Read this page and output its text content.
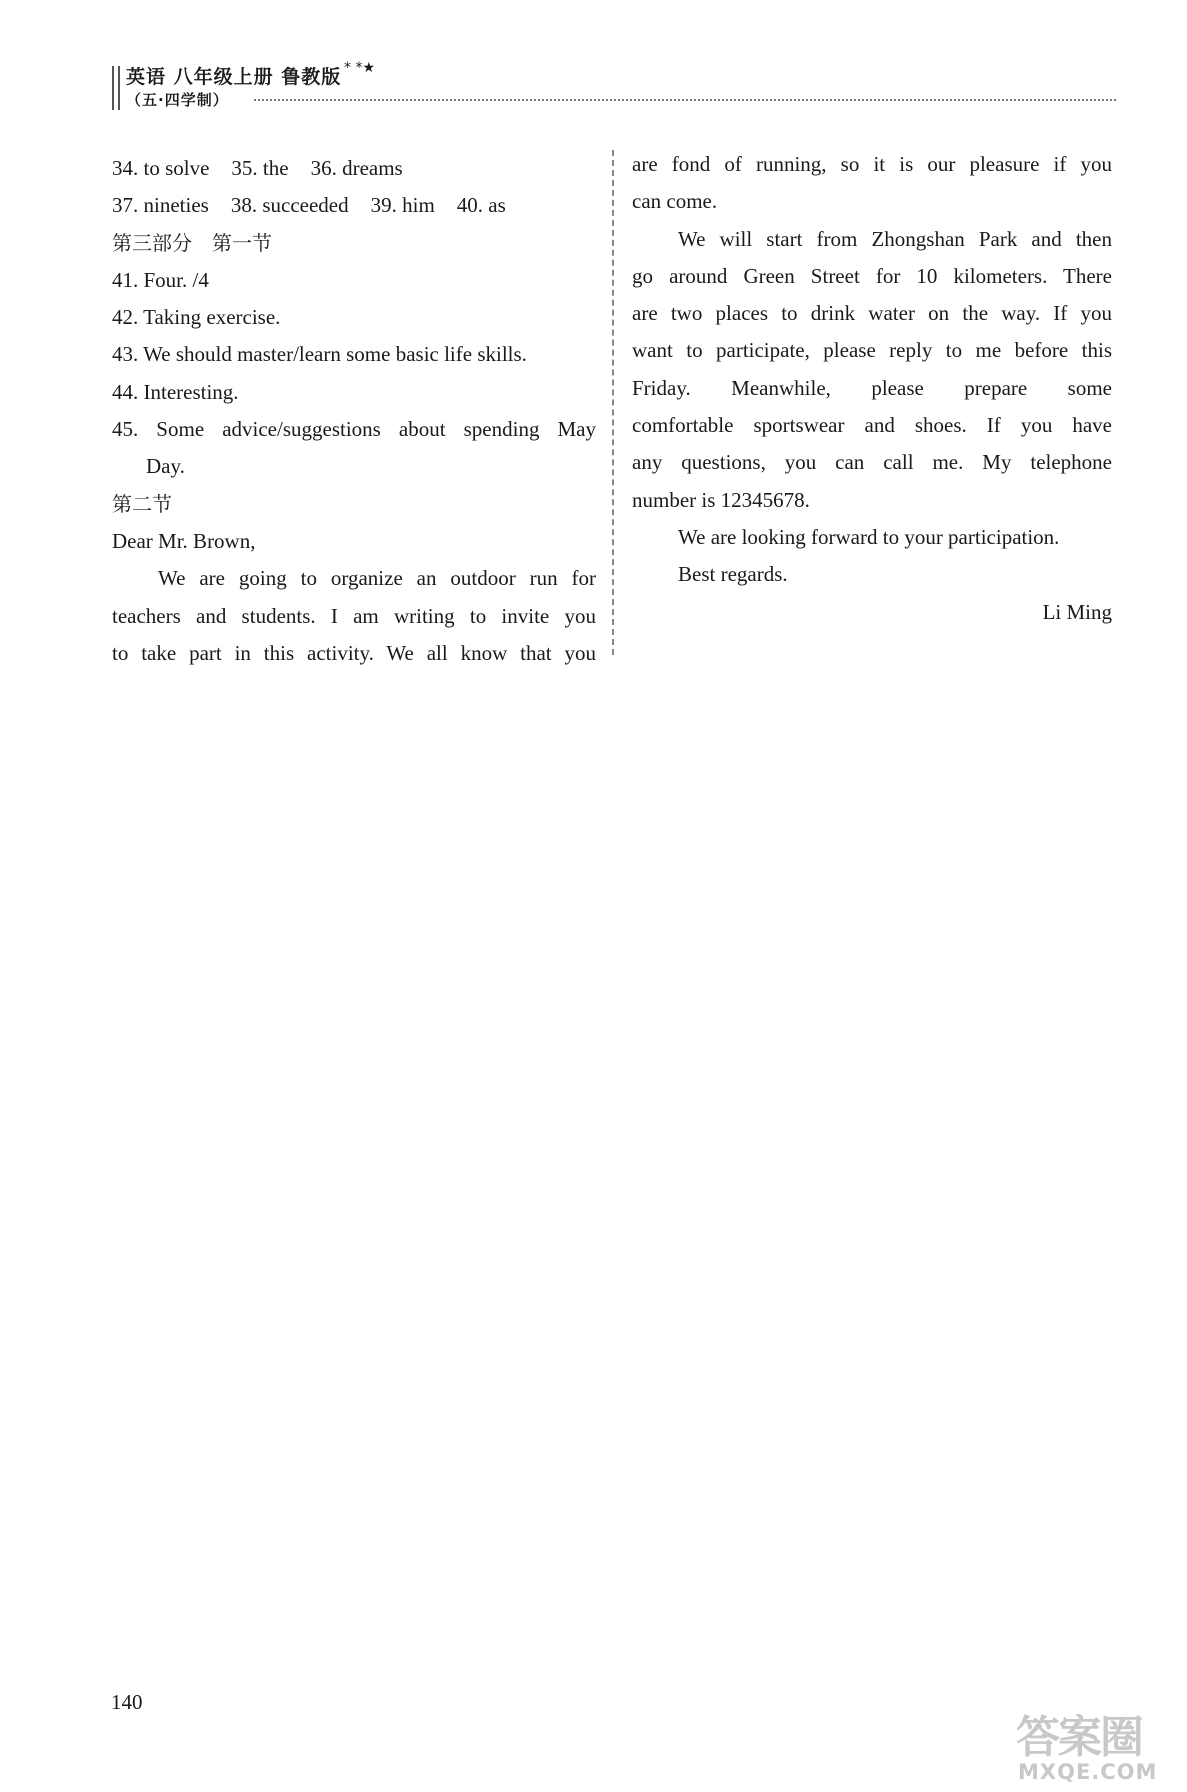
英语 八年级上册 鲁教版 * *★
（五·四学制）
34. to solve 35. the 36. dreams
37. nineties 38. succeeded 39. him 40. as
第三部分　第一节
41. Four. /4
42. Taking exercise.
43. We should master/learn some basic life skills.
44. Interesting.
45. Some advice/suggestions about spending May
Day.
第二节
Dear Mr. Brown,
We are going to organize an outdoor run for
teachers and students. I am writing to invite you
to take part in this activity. We all know that you
are fond of running, so it is our pleasure if you
can come.
We will start from Zhongshan Park and then
go around Green Street for 10 kilometers. There
are two places to drink water on the way. If you
want to participate, please reply to me before this
Friday. Meanwhile, please prepare some
comfortable sportswear and shoes. If you have
any questions, you can call me. My telephone
number is 12345678.
We are looking forward to your participation.
Best regards.
Li Ming
140
答案圈
MXQE.COM
